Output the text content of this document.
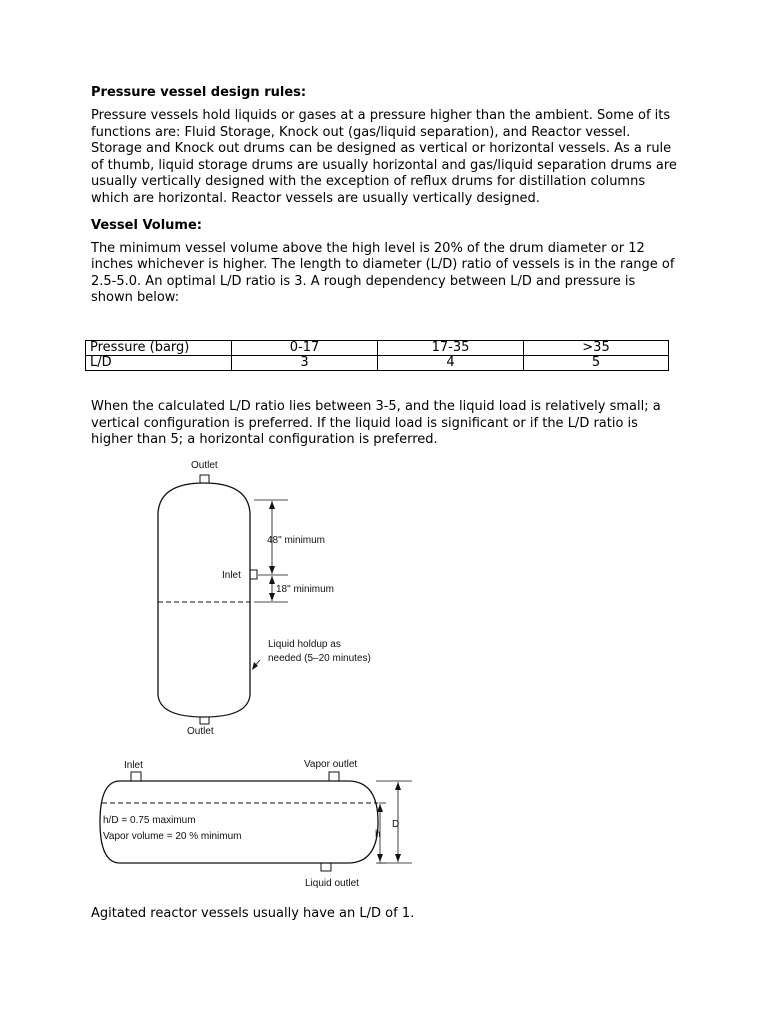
Pressure vessel design rules:

Pressure vessels hold liquids or gases at a pressure higher than the ambient. Some of its functions are: Fluid Storage, Knock out (gas/liquid separation), and Reactor vessel. Storage and Knock out drums can be designed as vertical or horizontal vessels. As a rule of thumb, liquid storage drums are usually horizontal and gas/liquid separation drums are usually vertically designed with the exception of reflux drums for distillation columns which are horizontal. Reactor vessels are usually vertically designed.

Vessel Volume:

The minimum vessel volume above the high level is 20% of the drum diameter or 12 inches whichever is higher. The length to diameter (L/D) ratio of vessels is in the range of 2.5-5.0. An optimal L/D ratio is 3. A rough dependency between L/D and pressure is shown below:

Pressure (barg)	0-17	17-35	>35
L/D	3	4	5

When the calculated L/D ratio lies between 3-5, and the liquid load is relatively small; a vertical configuration is preferred. If the liquid load is significant or if the L/D ratio is higher than 5; a horizontal configuration is preferred.

Outlet
Inlet
48" minimum
18" minimum
Liquid holdup as
needed (5–20 minutes)
Outlet
Inlet	Vapor outlet
h/D = 0.75 maximum
Vapor volume = 20 % minimum	h
D
Liquid outlet

Agitated reactor vessels usually have an L/D of 1.
